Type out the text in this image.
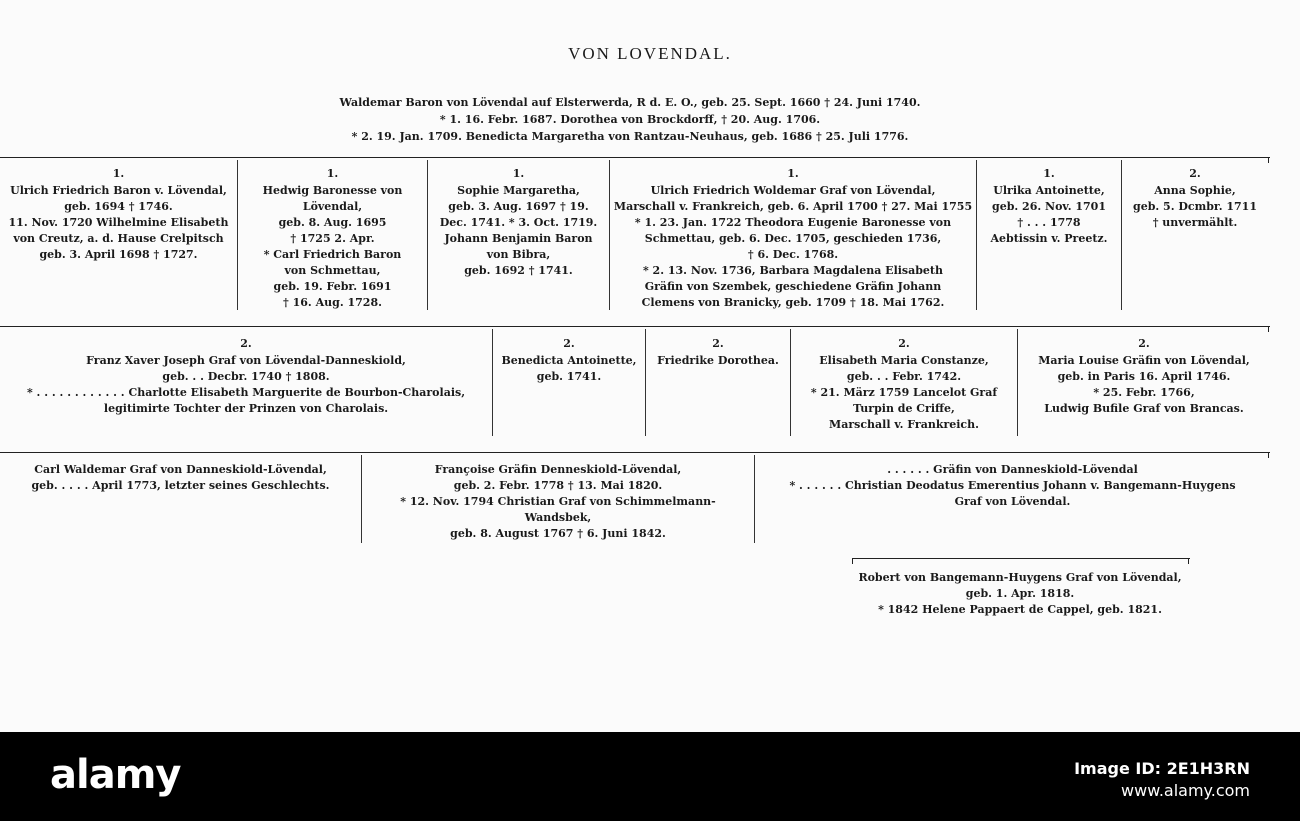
VON LOVENDAL.
Waldemar Baron von Lövendal auf Elsterwerda, R d. E. O., geb. 25. Sept. 1660 † 24. Juni 1740.
* 1. 16. Febr. 1687. Dorothea von Brockdorff, † 20. Aug. 1706.
* 2. 19. Jan. 1709. Benedicta Margaretha von Rantzau-Neuhaus, geb. 1686 † 25. Juli 1776.
1.
Ulrich Friedrich Baron v. Lövendal,
geb. 1694 † 1746.
11. Nov. 1720 Wilhelmine Elisabeth
von Creutz, a. d. Hause Crelpitsch
geb. 3. April 1698 † 1727.
1.
Hedwig Baronesse von
Lövendal,
geb. 8. Aug. 1695
† 1725 2. Apr.
* Carl Friedrich Baron
von Schmettau,
geb. 19. Febr. 1691
† 16. Aug. 1728.
1.
Sophie Margaretha,
geb. 3. Aug. 1697 † 19.
Dec. 1741. * 3. Oct. 1719.
Johann Benjamin Baron
von Bibra,
geb. 1692 † 1741.
1.
Ulrich Friedrich Woldemar Graf von Lövendal,
Marschall v. Frankreich, geb. 6. April 1700 † 27. Mai 1755
* 1. 23. Jan. 1722 Theodora Eugenie Baronesse von
Schmettau, geb. 6. Dec. 1705, geschieden 1736,
† 6. Dec. 1768.
* 2. 13. Nov. 1736, Barbara Magdalena Elisabeth
Gräfin von Szembek, geschiedene Gräfin Johann
Clemens von Branicky, geb. 1709 † 18. Mai 1762.
1.
Ulrika Antoinette,
geb. 26. Nov. 1701
† . . . 1778
Aebtissin v. Preetz.
2.
Anna Sophie,
geb. 5. Dcmbr. 1711
† unvermählt.
2.
Franz Xaver Joseph Graf von Lövendal-Danneskiold,
geb. . . Decbr. 1740 † 1808.
* . . . . . . . . . . . . Charlotte Elisabeth Marguerite de Bourbon-Charolais,
legitimirte Tochter der Prinzen von Charolais.
2.
Benedicta Antoinette,
geb. 1741.
2.
Friedrike Dorothea.
2.
Elisabeth Maria Constanze,
geb. . . Febr. 1742.
* 21. März 1759 Lancelot Graf
Turpin de Criffe,
Marschall v. Frankreich.
2.
Maria Louise Gräfin von Lövendal,
geb. in Paris 16. April 1746.
* 25. Febr. 1766,
Ludwig Bufile Graf von Brancas.
Carl Waldemar Graf von Danneskiold-Lövendal,
geb. . . . . April 1773, letzter seines Geschlechts.
Françoise Gräfin Denneskiold-Lövendal,
geb. 2. Febr. 1778 † 13. Mai 1820.
* 12. Nov. 1794 Christian Graf von Schimmelmann-
Wandsbek,
geb. 8. August 1767 † 6. Juni 1842.
. . . . . . Gräfin von Danneskiold-Lövendal
* . . . . . . Christian Deodatus Emerentius Johann v. Bangemann-Huygens
Graf von Lövendal.
Robert von Bangemann-Huygens Graf von Lövendal,
geb. 1. Apr. 1818.
* 1842 Helene Pappaert de Cappel, geb. 1821.
alamy	Image ID: 2E1H3RN
www.alamy.com
